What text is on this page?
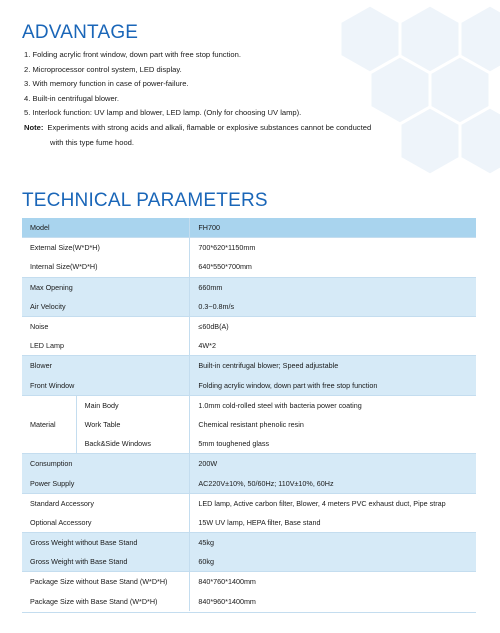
ADVANTAGE
1. Folding acrylic front window, down part with free stop function.
2. Microprocessor control system, LED display.
3. With memory function in case of power-failure.
4. Built-in centrifugal blower.
5. Interlock function: UV lamp and blower, LED lamp. (Only for choosing UV lamp).
Note: Experiments with strong acids and alkali, flamable or explosive substances cannot be conducted
with this type fume hood.
TECHNICAL PARAMETERS
Model		FH700
External Size(W*D*H)		700*620*1150mm
Internal Size(W*D*H)		640*550*700mm
Max Opening		660mm
Air Velocity		0.3~0.8m/s
Noise		≤60dB(A)
LED Lamp		4W*2
Blower		Built-in centrifugal blower; Speed adjustable
Front Window		Folding acrylic window, down part with free stop function
Material	Main Body	1.0mm cold-rolled steel with bacteria power coating
	Work Table	Chemical resistant phenolic resin
	Back&Side Windows	5mm toughened glass
Consumption		200W
Power Supply		AC220V±10%, 50/60Hz; 110V±10%, 60Hz
Standard Accessory		LED lamp, Active carbon filter, Blower, 4 meters PVC exhaust duct, Pipe strap
Optional Accessory		15W UV lamp, HEPA filter, Base stand
Gross Weight without Base Stand		45kg
Gross Weight with Base Stand		60kg
Package Size without Base Stand (W*D*H)		840*760*1400mm
Package Size with Base Stand (W*D*H)		840*960*1400mm
